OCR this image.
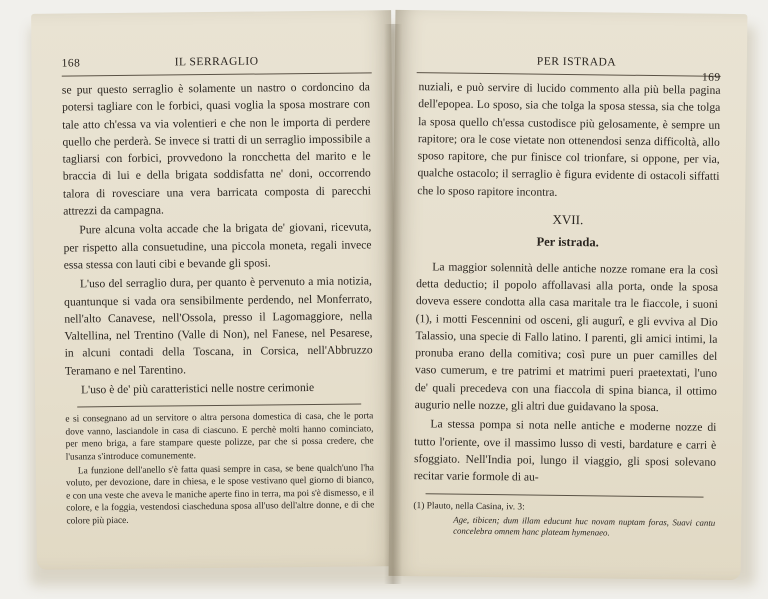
168	IL SERRAGLIO

se pur questo serraglio è solamente un nastro o cordoncino da potersi tagliare con le forbici, quasi voglia la sposa mostrare con tale atto ch'essa va via volentieri e che non le importa di perdere quello che perderà. Se invece si tratti di un serraglio impossibile a tagliarsi con forbici, provvedono la roncchetta del marito e le braccia di lui e della brigata soddisfatta ne' doni, occorrendo talora di rovesciare una vera barricata composta di parecchi attrezzi da campagna.

Pure alcuna volta accade che la brigata de' giovani, ricevuta, per rispetto alla consuetudine, una piccola moneta, regali invece essa stessa con lauti cibi e bevande gli sposi.

L'uso del serraglio dura, per quanto è pervenuto a mia notizia, quantunque si vada ora sensibilmente perdendo, nel Monferrato, nell'alto Canavese, nell'Ossola, presso il Lagomaggiore, nella Valtellina, nel Trentino (Valle di Non), nel Fanese, nel Pesarese, in alcuni contadi della Toscana, in Corsica, nell'Abbruzzo Teramano e nel Tarentino.

L'uso è de' più caratteristici nelle nostre cerimonie

e si consegnano ad un servitore o altra persona domestica di casa, che le porta dove vanno, lasciandole in casa di ciascuno. E perchè molti hanno cominciato, per meno briga, a fare stampare queste polizze, par che si possa credere, che l'usanza s'introduce comunemente.

La funzione dell'anello s'è fatta quasi sempre in casa, se bene qualch'uno l'ha voluto, per devozione, dare in chiesa, e le spose vestivano quel giorno di bianco, e con una veste che aveva le maniche aperte fino in terra, ma poi s'è dismesso, e il colore, e la foggia, vestendosi ciascheduna sposa all'uso dell'altre donne, e di che colore più piace.

PER ISTRADA
169

nuziali, e può servire di lucido commento alla più bella pagina dell'epopea. Lo sposo, sia che tolga la sposa stessa, sia che tolga la sposa quello ch'essa custodisce più gelosamente, è sempre un rapitore; ora le cose vietate non ottenendosi senza difficoltà, allo sposo rapitore, che pur finisce col trionfare, si oppone, per via, qualche ostacolo; il serraglio è figura evidente di ostacoli siffatti che lo sposo rapitore incontra.

XVII.
Per istrada.

La maggior solennità delle antiche nozze romane era la così detta deductio; il popolo affollavasi alla porta, onde la sposa doveva essere condotta alla casa maritale tra le fiaccole, i suoni (1), i motti Fescennini od osceni, gli augurî, e gli evviva al Dio Talassio, una specie di Fallo latino. I parenti, gli amici intimi, la pronuba erano della comitiva; così pure un puer camilles del vaso cumerum, e tre patrimi et matrimi pueri praetextati, l'uno de' quali precedeva con una fiaccola di spina bianca, il ottimo augurio nelle nozze, gli altri due guidavano la sposa.

La stessa pompa si nota nelle antiche e moderne nozze di tutto l'oriente, ove il massimo lusso di vesti, bardature e carri è sfoggiato. Nell'India poi, lungo il viaggio, gli sposi solevano recitar varie formole di au-

(1) Plauto, nella Casina, iv. 3:

Age, tibicen; dum illam educunt huc novam nuptam foras, Suavi cantu concelebra omnem hanc plateam hymenaeo.
